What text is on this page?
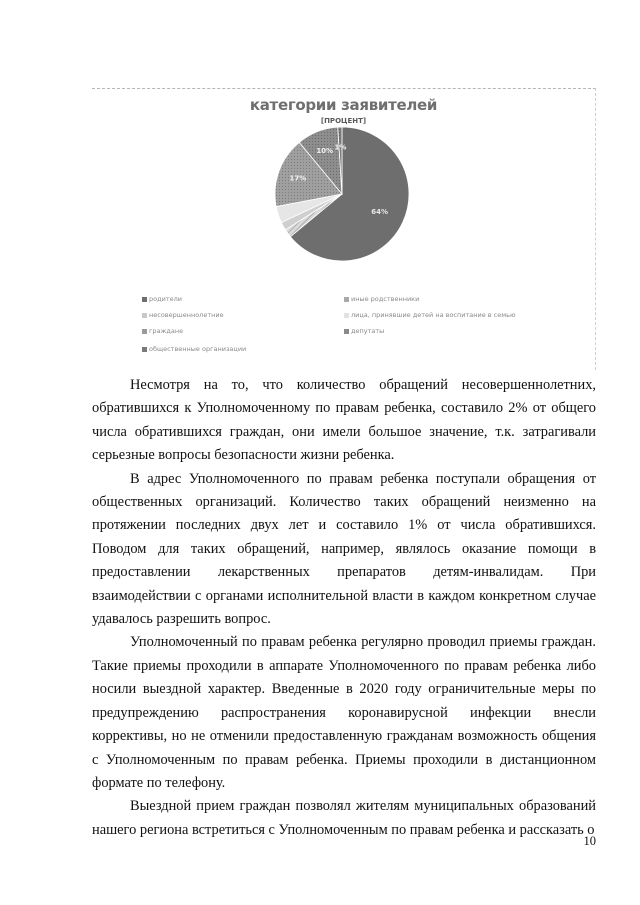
64%
17%
10% 1%
категории заявителей
[ПРОЦЕНТ]
родители	иные родственники
несовершеннолетние	лица, принявшие детей на воспитание в семью
граждане	депутаты
общественные организации

Несмотря на то, что количество обращений несовершеннолетних, обратившихся к Уполномоченному по правам ребенка, составило 2% от общего числа обратившихся граждан, они имели большое значение, т.к. затрагивали серьезные вопросы безопасности жизни ребенка.

В адрес Уполномоченного по правам ребенка поступали обращения от общественных организаций. Количество таких обращений неизменно на протяжении последних двух лет и составило 1% от числа обратившихся. Поводом для таких обращений, например, являлось оказание помощи в предоставлении лекарственных препаратов детям-инвалидам. При взаимодействии с органами исполнительной власти в каждом конкретном случае удавалось разрешить вопрос.

Уполномоченный по правам ребенка регулярно проводил приемы граждан. Такие приемы проходили в аппарате Уполномоченного по правам ребенка либо носили выездной характер. Введенные в 2020 году ограничительные меры по предупреждению распространения коронавирусной инфекции внесли коррективы, но не отменили предоставленную гражданам возможность общения с Уполномоченным по правам ребенка. Приемы проходили в дистанционном формате по телефону.

Выездной прием граждан позволял жителям муниципальных образований нашего региона встретиться с Уполномоченным по правам ребенка и рассказать о

10
